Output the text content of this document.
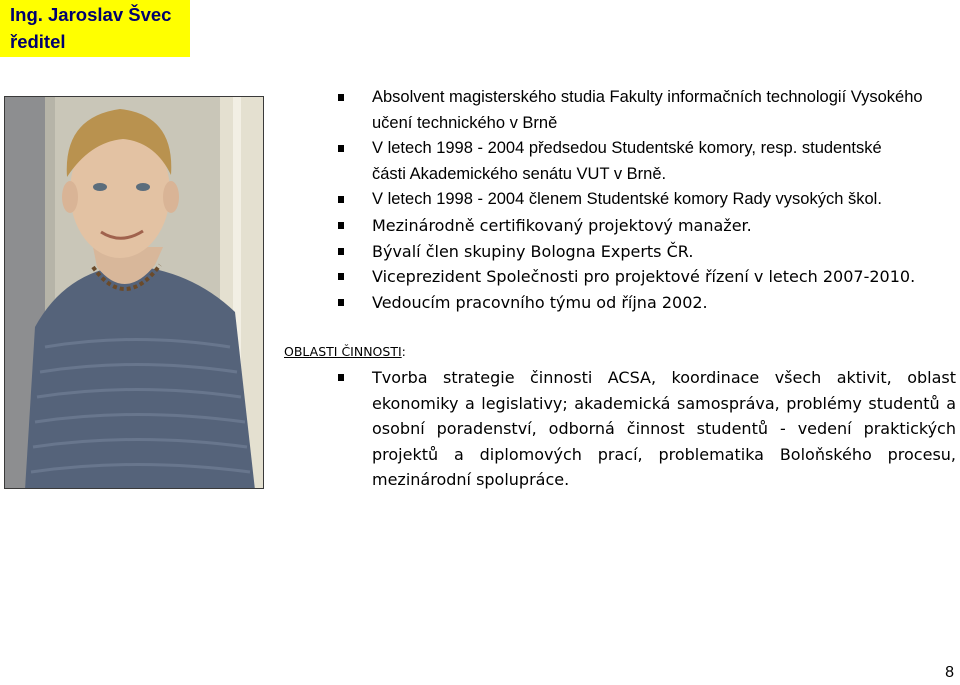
Ing. Jaroslav Švec
ředitel
Absolvent magisterského studia Fakulty informačních technologií Vysokého
učení technického v Brně
V letech 1998 - 2004 předsedou Studentské komory, resp. studentské
části Akademického senátu VUT v Brně.
V letech 1998 - 2004 členem Studentské komory Rady vysokých škol.
Mezinárodně certifikovaný projektový manažer.
Bývalí člen skupiny Bologna Experts ČR.
Viceprezident Společnosti pro projektové řízení v letech 2007-2010.
Vedoucím pracovního týmu od října 2002.
OBLASTI ČINNOSTI:
Tvorba strategie činnosti ACSA, koordinace všech aktivit, oblast ekonomiky a legislativy; akademická samospráva, problémy studentů a osobní poradenství, odborná činnost studentů - vedení praktických projektů a diplomových prací, problematika Boloňského procesu, mezinárodní spolupráce.
8
